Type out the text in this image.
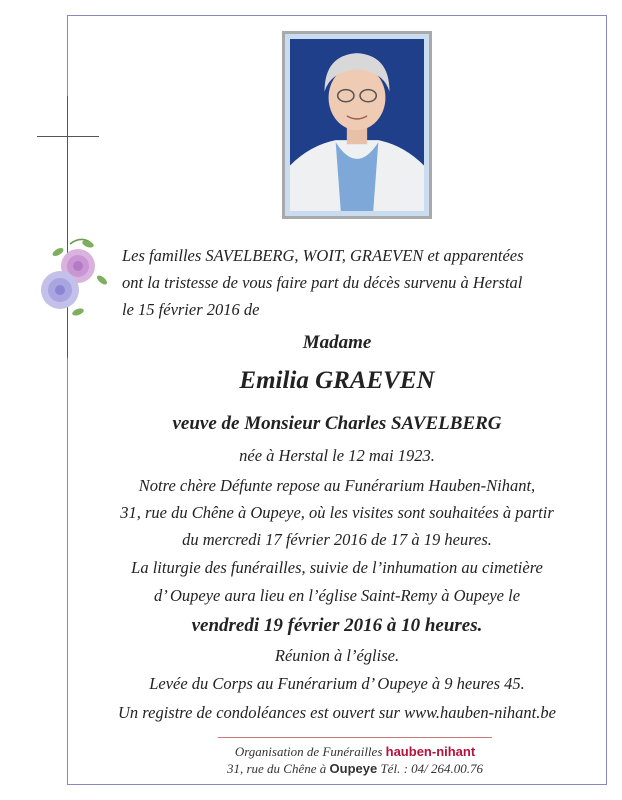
Les familles SAVELBERG, WOIT, GRAEVEN et apparentées
ont la tristesse de vous faire part du décès survenu à Herstal
le 15 février 2016 de
Madame
Emilia GRAEVEN
veuve de Monsieur Charles SAVELBERG
née à Herstal le 12 mai 1923.
Notre chère Défunte repose au Funérarium Hauben-Nihant,
31, rue du Chêne à Oupeye, où les visites sont souhaitées à partir
du mercredi 17 février 2016 de 17 à 19 heures.
La liturgie des funérailles, suivie de l’inhumation au cimetière
d’ Oupeye aura lieu en l’église Saint-Remy à Oupeye le
vendredi 19 février 2016 à 10 heures.
Réunion à l’église.
Levée du Corps au Funérarium d’ Oupeye à 9 heures 45.
Un registre de condoléances est ouvert sur www.hauben-nihant.be
Organisation de Funérailles hauben-nihant
31, rue du Chêne à Oupeye Tél. : 04/ 264.00.76
